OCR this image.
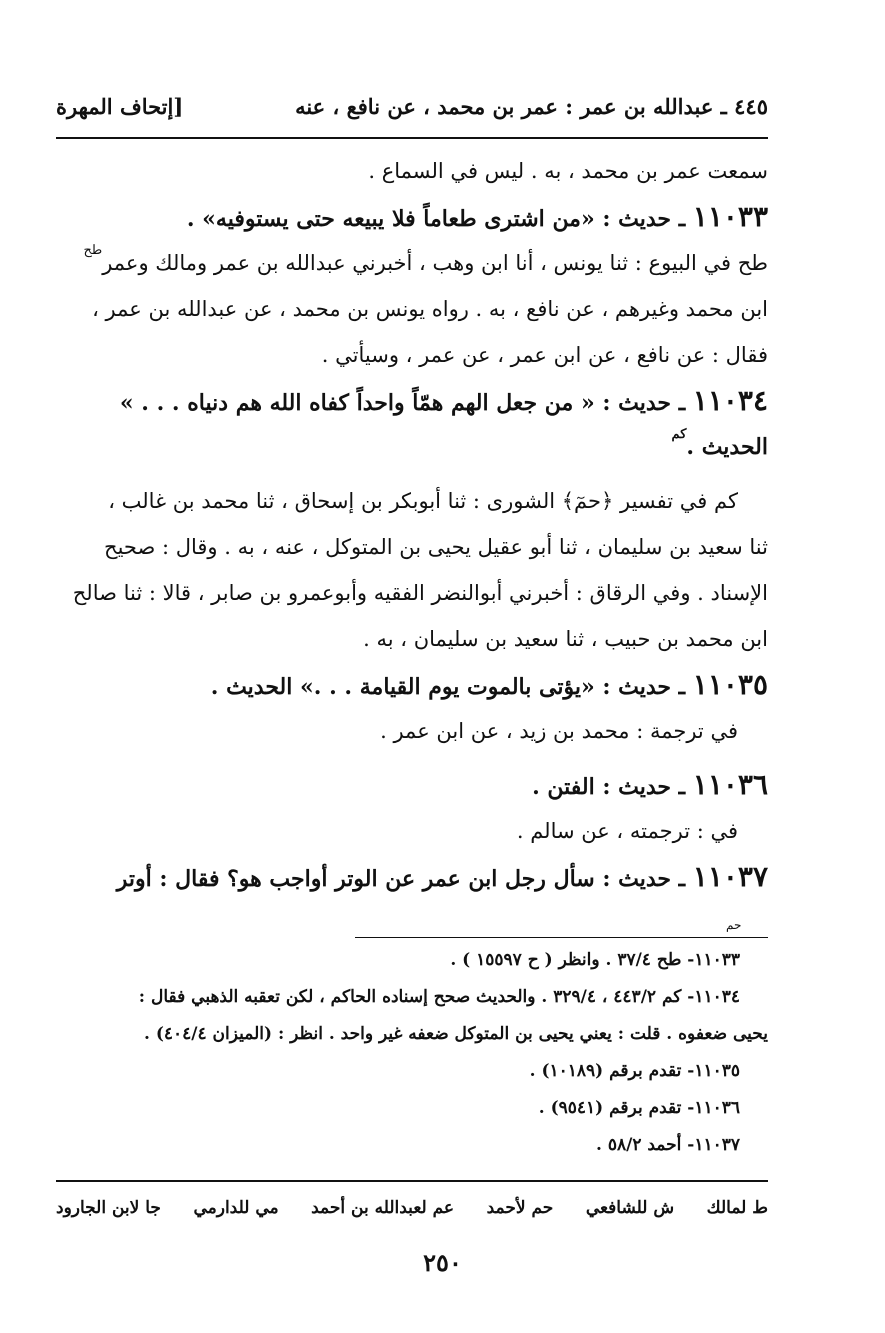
٤٤٥ ـ عبدالله بن عمر : عمر بن محمد ، عن نافع ، عنه
[إتحاف المهرة
سمعت عمر بن محمد ، به . ليس في السماع .
١١٠٣٣ ـ حديث : «من اشترى طعاماً فلا يبيعه حتى يستوفيه» .
طح في البيوع : ثنا يونس ، أنا ابن وهب ، أخبرني عبدالله بن عمر ومالك وعمر$^{طح}$
ابن محمد وغيرهم ، عن نافع ، به . رواه يونس بن محمد ، عن عبدالله بن عمر ،
فقال : عن نافع ، عن ابن عمر ، عن عمر ، وسيأتي .
١١٠٣٤ ـ حديث : « من جعل الهم همّاً واحداً كفاه الله هم دنياه . . . »
الحديث .$^{كم}$
كم في تفسير ﴿حمٓ﴾ الشورى : ثنا أبوبكر بن إسحاق ، ثنا محمد بن غالب ،
ثنا سعيد بن سليمان ، ثنا أبو عقيل يحيى بن المتوكل ، عنه ، به . وقال : صحيح
الإسناد . وفي الرقاق : أخبرني أبوالنضر الفقيه وأبوعمرو بن صابر ، قالا : ثنا صالح
ابن محمد بن حبيب ، ثنا سعيد بن سليمان ، به .
١١٠٣٥ ـ حديث : «يؤتى بالموت يوم القيامة . . .» الحديث .
في ترجمة : محمد بن زيد ، عن ابن عمر .
١١٠٣٦ ـ حديث : الفتن .
في : ترجمته ، عن سالم .
١١٠٣٧ ـ حديث : سأل رجل ابن عمر عن الوتر أواجب هو؟ فقال : أوتر
حم
١١٠٣٣- طح ٣٧/٤ . وانظر ( ح ١٥٥٩٧ ) .
١١٠٣٤- كم ٤٤٣/٢ ، ٣٢٩/٤ . والحديث صحح إسناده الحاكم ، لكن تعقبه الذهبي فقال :
يحيى ضعفوه . قلت : يعني يحيى بن المتوكل ضعفه غير واحد . انظر : (الميزان ٤٠٤/٤) .
١١٠٣٥- تقدم برقم (١٠١٨٩) .
١١٠٣٦- تقدم برقم (٩٥٤١) .
١١٠٣٧- أحمد ٥٨/٢ .
ط لمالك
ش للشافعي
حم لأحمد
عم لعبدالله بن أحمد
مي للدارمي
جا لابن الجارود
٢٥٠
